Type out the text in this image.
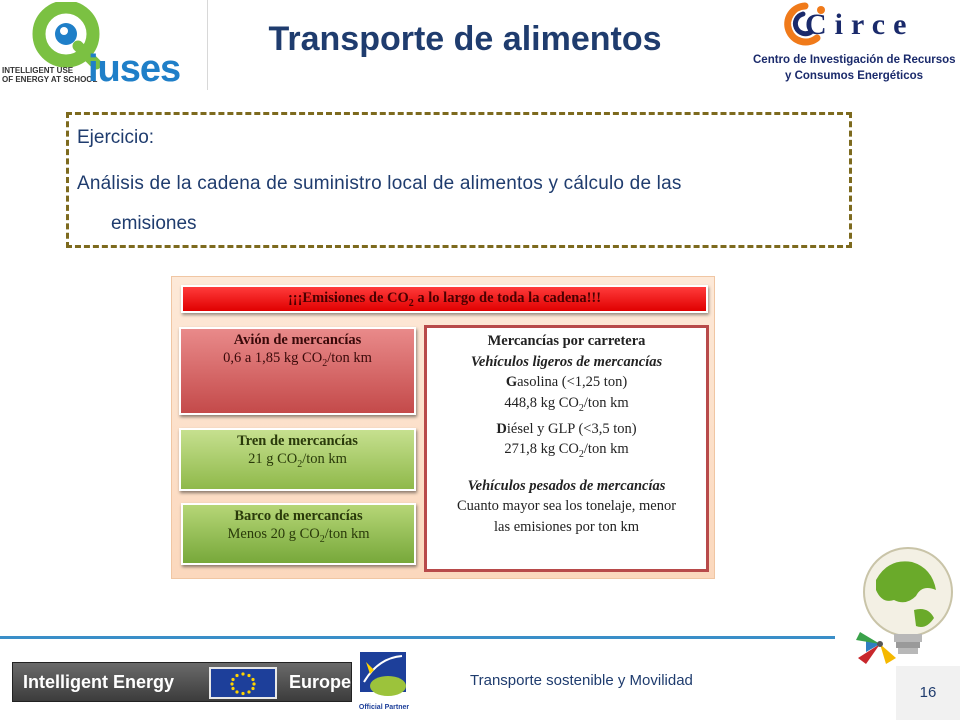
INTELLIGENT USE
OF ENERGY AT SCHOOL
iuses
Transporte de alimentos	Circe
Centro de Investigación de Recursos
y Consumos Energéticos
Ejercicio:
Análisis de la cadena de suministro local de alimentos y cálculo de las
emisiones
¡¡¡Emisiones de $CO_2$ a lo largo de toda la cadena!!!
Avión de mercancías
0,6 a 1,85 kg $CO_2$/ton km
Tren de mercancías
21 g $CO_2$/ton km
Barco de mercancías
Menos 20 g $CO_2$/ton km
Mercancías por carretera
Vehículos ligeros de mercancías
Gasolina (<1,25 ton)
448,8 kg $CO_2$/ton km
Diésel y GLP (<3,5 ton)
271,8 kg $CO_2$/ton km
Vehículos pesados de mercancías
Cuanto mayor sea los tonelaje, menor
las emisiones por ton km
Intelligent Energy	Europe
Official Partner
Transporte sostenible y Movilidad
16
